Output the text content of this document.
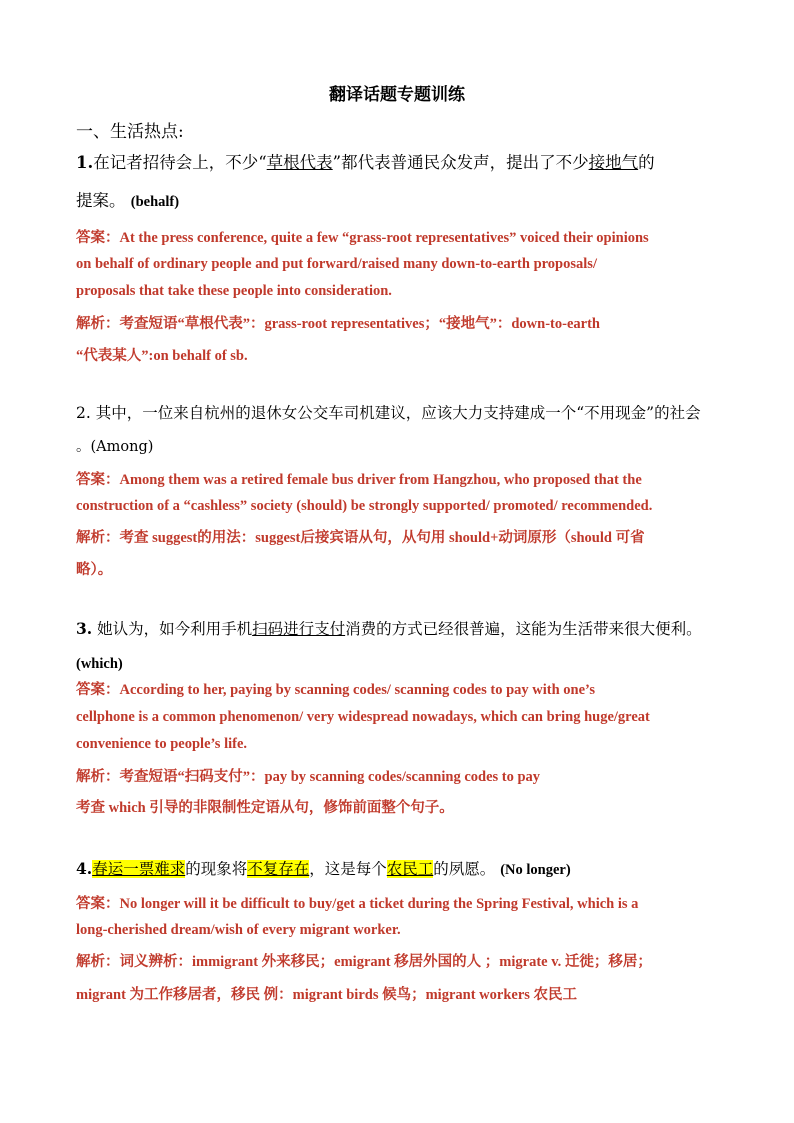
翻译话题专题训练
一、生活热点:
1.在记者招待会上，不少“草根代表”都代表普通民众发声，提出了不少接地气的
提案。 (behalf)
答案：At the press conference, quite a few “grass-root representatives” voiced their opinions
on behalf of ordinary people and put forward/raised many down-to-earth proposals/
proposals that take these people into consideration.
解析：考查短语“草根代表”：grass-root representatives；“接地气”：down-to-earth
“代表某人”:on behalf of sb.
2. 其中，一位来自杭州的退休女公交车司机建议，应该大力支持建成一个“不用现金”的社会
。(Among)
答案：Among them was a retired female bus driver from Hangzhou, who proposed that the
construction of a “cashless” society (should) be strongly supported/ promoted/ recommended.
解析：考查 suggest的用法：suggest后接宾语从句，从句用 should+动词原形（should 可省
略）。
3. 她认为，如今利用手机扫码进行支付消费的方式已经很普遍，这能为生活带来很大便利。
(which)
答案：According to her, paying by scanning codes/ scanning codes to pay with one’s
cellphone is a common phenomenon/ very widespread nowadays, which can bring huge/great
convenience to people’s life.
解析：考查短语“扫码支付”：pay by scanning codes/scanning codes to pay
考查 which 引导的非限制性定语从句，修饰前面整个句子。
4.春运一票难求的现象将不复存在，这是每个农民工的夙愿。 (No longer)
答案：No longer will it be difficult to buy/get a ticket during the Spring Festival, which is a
long-cherished dream/wish of every migrant worker.
解析：词义辨析：immigrant 外来移民；emigrant 移居外国的人 ；migrate v. 迁徙；移居；
migrant 为工作移居者，移民 例：migrant birds 候鸟；migrant workers 农民工
